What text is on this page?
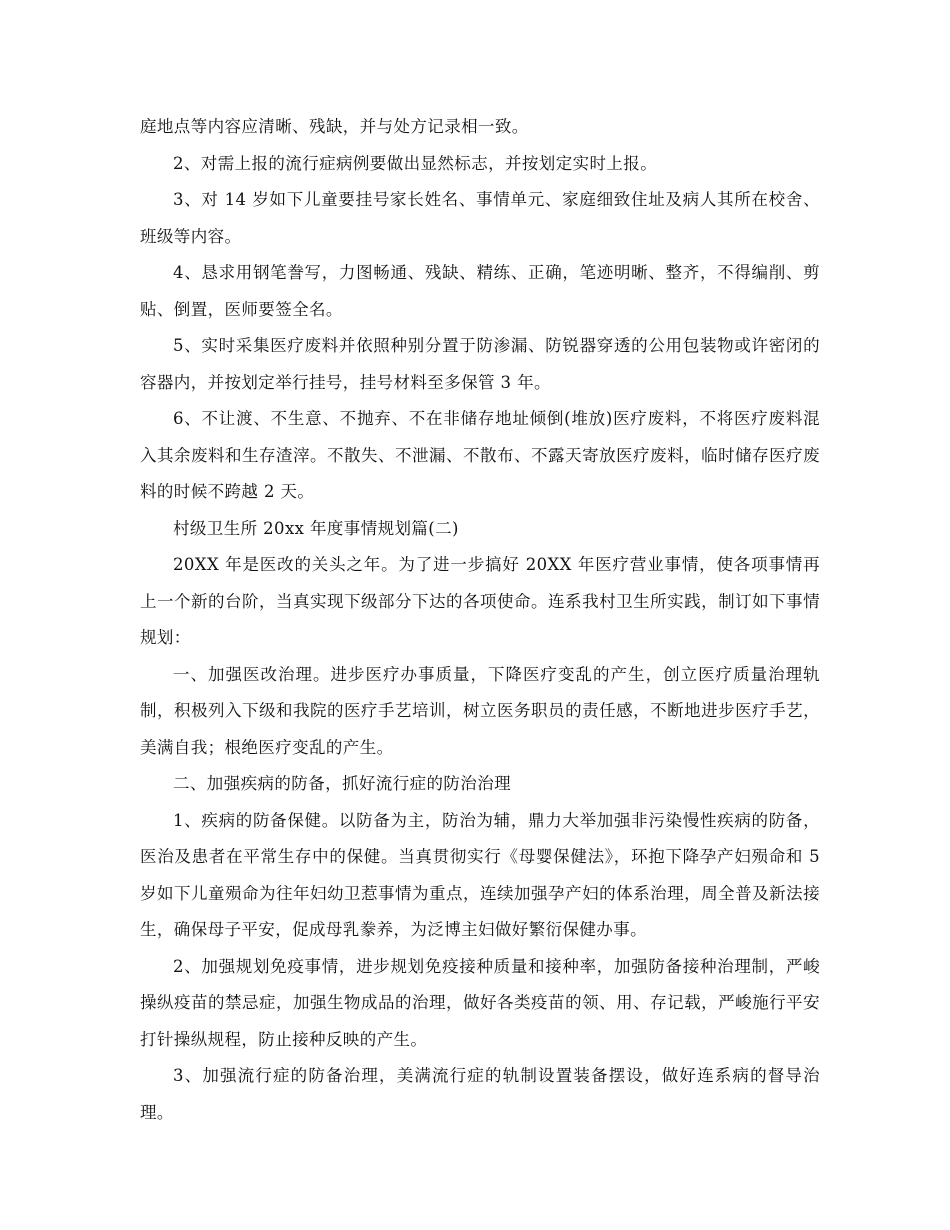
庭地点等内容应清晰、残缺，并与处方记录相一致。

2、对需上报的流行症病例要做出显然标志，并按划定实时上报。

3、对 14 岁如下儿童要挂号家长姓名、事情单元、家庭细致住址及病人其所在校舍、班级等内容。

4、恳求用钢笔誊写，力图畅通、残缺、精练、正确，笔迹明晰、整齐，不得编削、剪贴、倒置，医师要签全名。

5、实时采集医疗废料并依照种别分置于防渗漏、防锐器穿透的公用包装物或许密闭的容器内，并按划定举行挂号，挂号材料至多保管 3 年。

6、不让渡、不生意、不抛弃、不在非储存地址倾倒(堆放)医疗废料，不将医疗废料混入其余废料和生存渣滓。不散失、不泄漏、不散布、不露天寄放医疗废料，临时储存医疗废料的时候不跨越 2 天。

村级卫生所 20xx 年度事情规划篇(二)

20XX 年是医改的关头之年。为了进一步搞好 20XX 年医疗营业事情，使各项事情再上一个新的台阶，当真实现下级部分下达的各项使命。连系我村卫生所实践，制订如下事情规划：

一、加强医改治理。进步医疗办事质量，下降医疗变乱的产生，创立医疗质量治理轨制，积极列入下级和我院的医疗手艺培训，树立医务职员的责任感，不断地进步医疗手艺，美满自我；根绝医疗变乱的产生。

二、加强疾病的防备，抓好流行症的防治治理

1、疾病的防备保健。以防备为主，防治为辅，鼎力大举加强非污染慢性疾病的防备，医治及患者在平常生存中的保健。当真贯彻实行《母婴保健法》，环抱下降孕产妇殒命和 5 岁如下儿童殒命为往年妇幼卫惹事情为重点，连续加强孕产妇的体系治理，周全普及新法接生，确保母子平安，促成母乳豢养，为泛博主妇做好繁衍保健办事。

2、加强规划免疫事情，进步规划免疫接种质量和接种率，加强防备接种治理制，严峻操纵疫苗的禁忌症，加强生物成品的治理，做好各类疫苗的领、用、存记载，严峻施行平安打针操纵规程，防止接种反映的产生。

3、加强流行症的防备治理，美满流行症的轨制设置装备摆设，做好连系病的督导治理。
